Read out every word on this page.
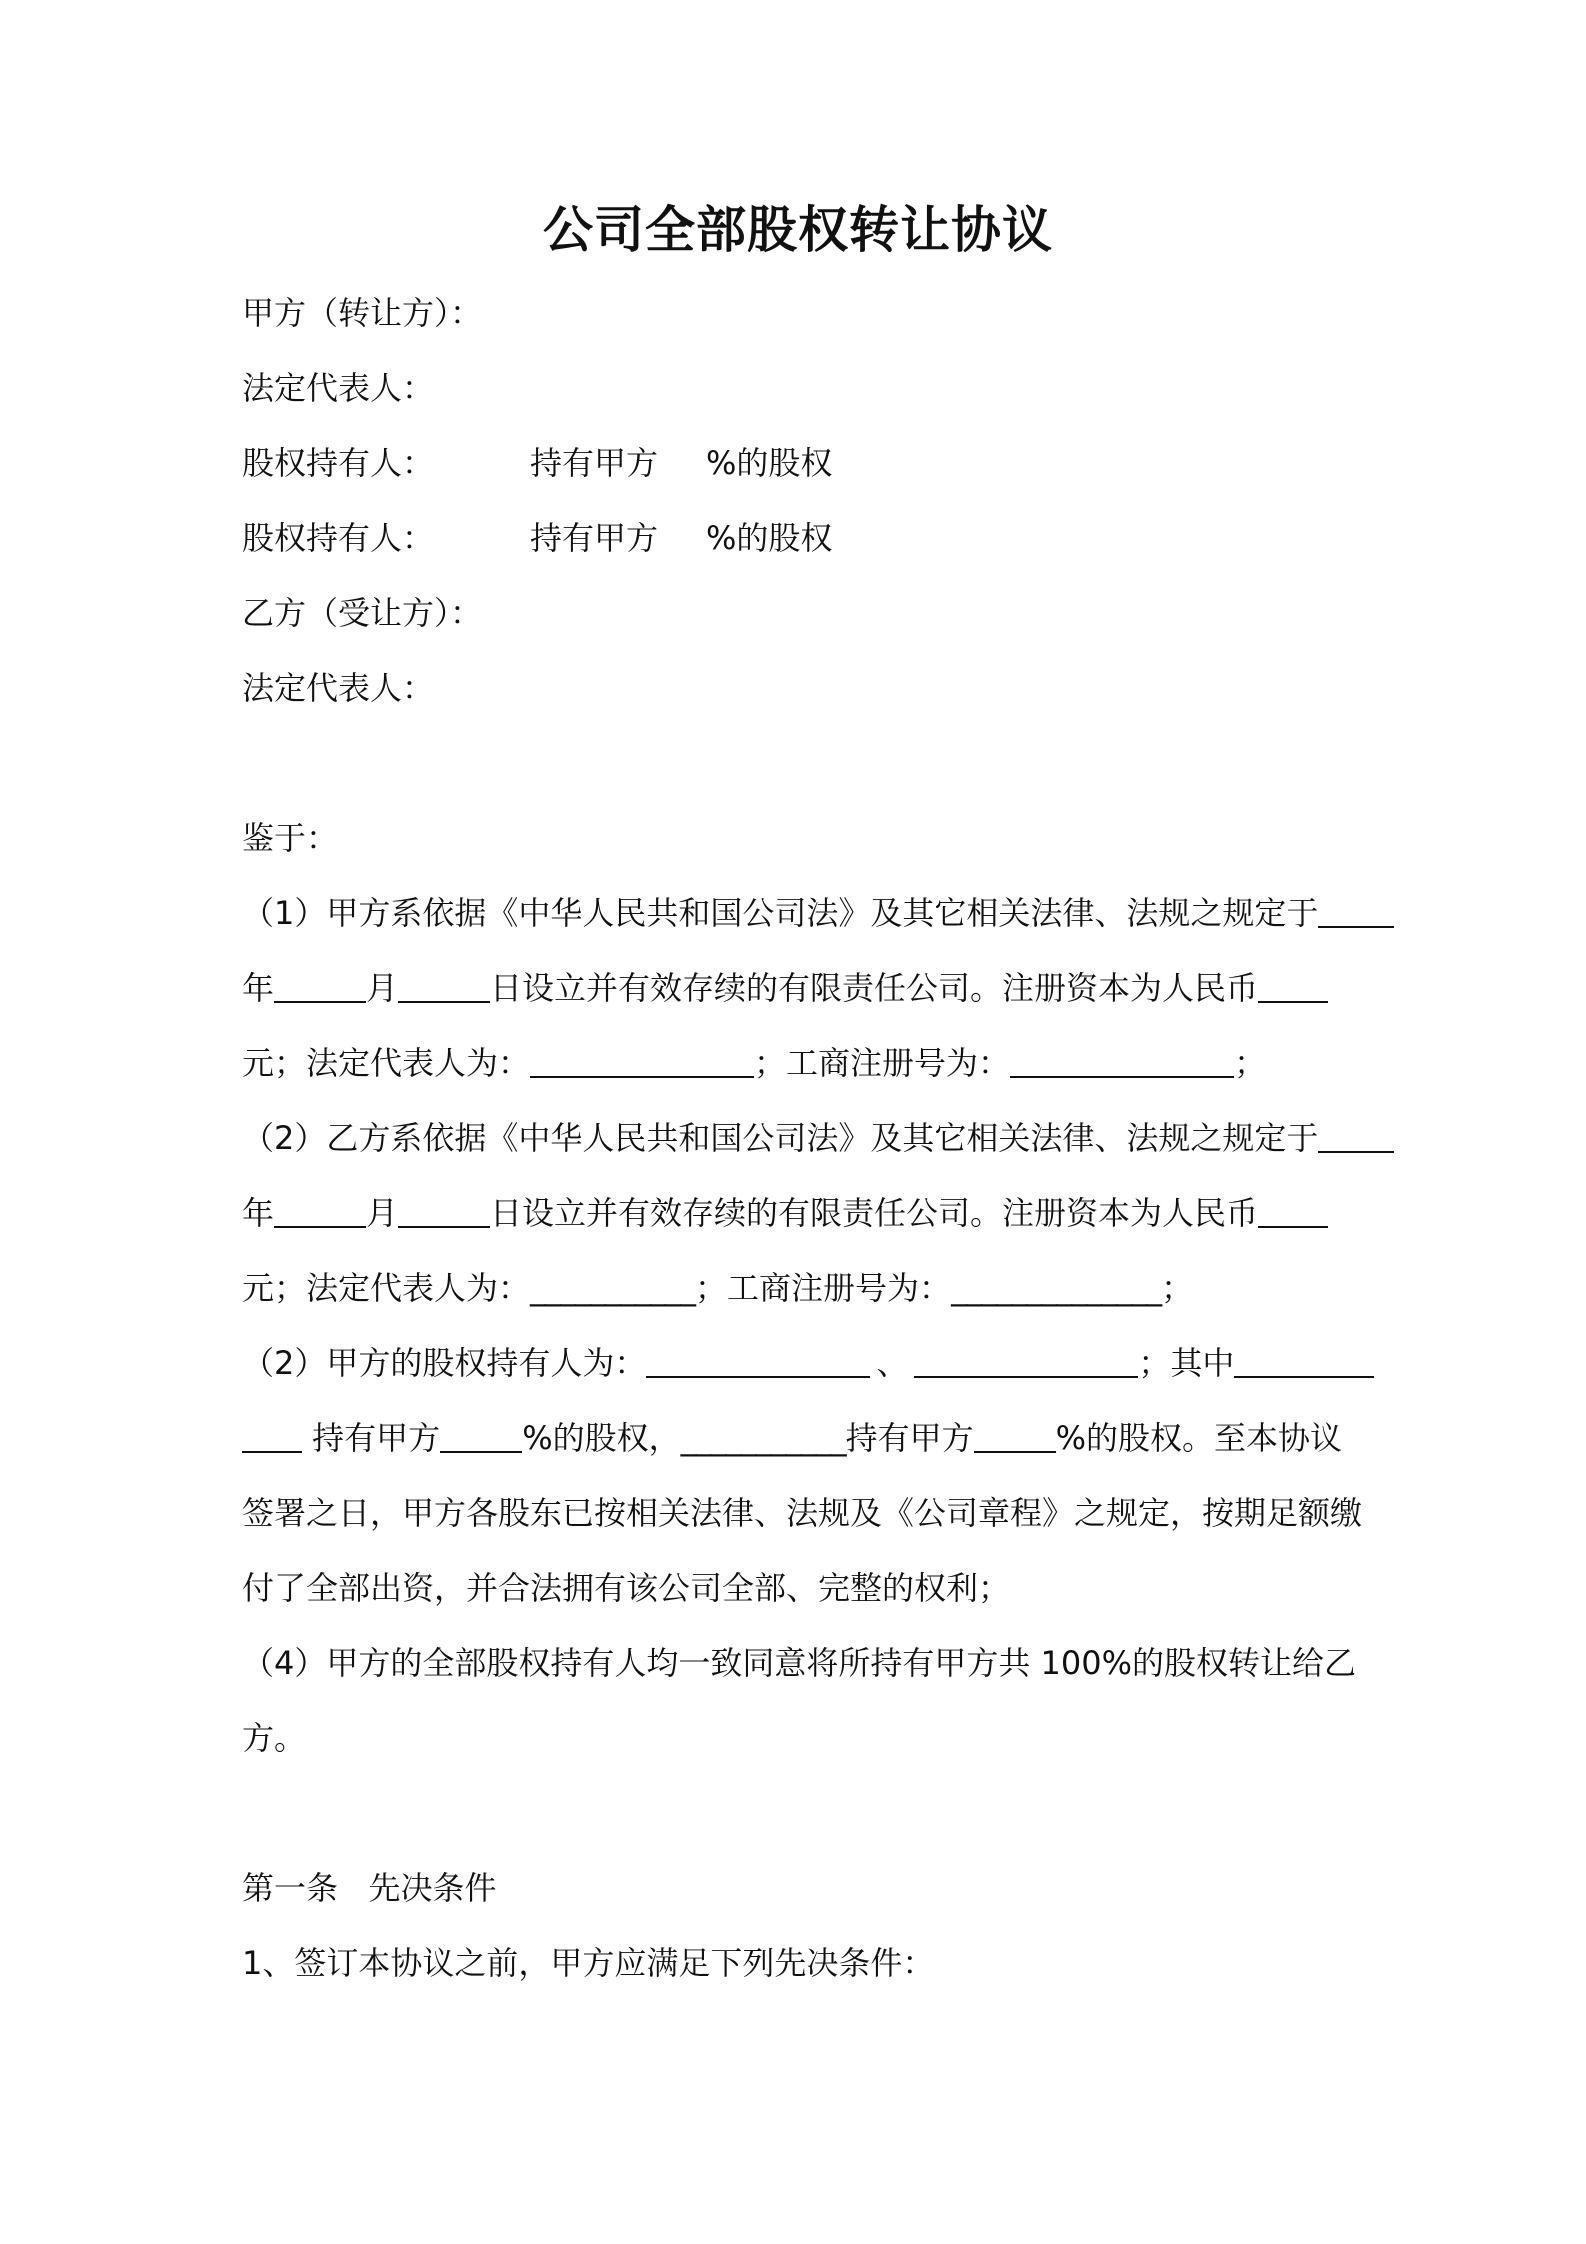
公司全部股权转让协议
甲方（转让方）：
法定代表人：
股权持有人：	持有甲方	%的股权
股权持有人：	持有甲方	%的股权
乙方（受让方）：
法定代表人：
鉴于：
（1）甲方系依据《中华人民共和国公司法》及其它相关法律、法规之规定于
年	月	日设立并有效存续的有限责任公司。注册资本为人民币
元；法定代表人为：	；工商注册号为：	；
（2）乙方系依据《中华人民共和国公司法》及其它相关法律、法规之规定于
年	月	日设立并有效存续的有限责任公司。注册资本为人民币
元；法定代表人为：___________；工商注册号为：______________；
（2）甲方的股权持有人为：	、	；其中
持有甲方	%的股权，___________持有甲方	%的股权。至本协议
签署之日，甲方各股东已按相关法律、法规及《公司章程》之规定，按期足额缴
付了全部出资，并合法拥有该公司全部、完整的权利；
（4）甲方的全部股权持有人均一致同意将所持有甲方共 100%的股权转让给乙
方。
第一条   先决条件
1、签订本协议之前，甲方应满足下列先决条件：
